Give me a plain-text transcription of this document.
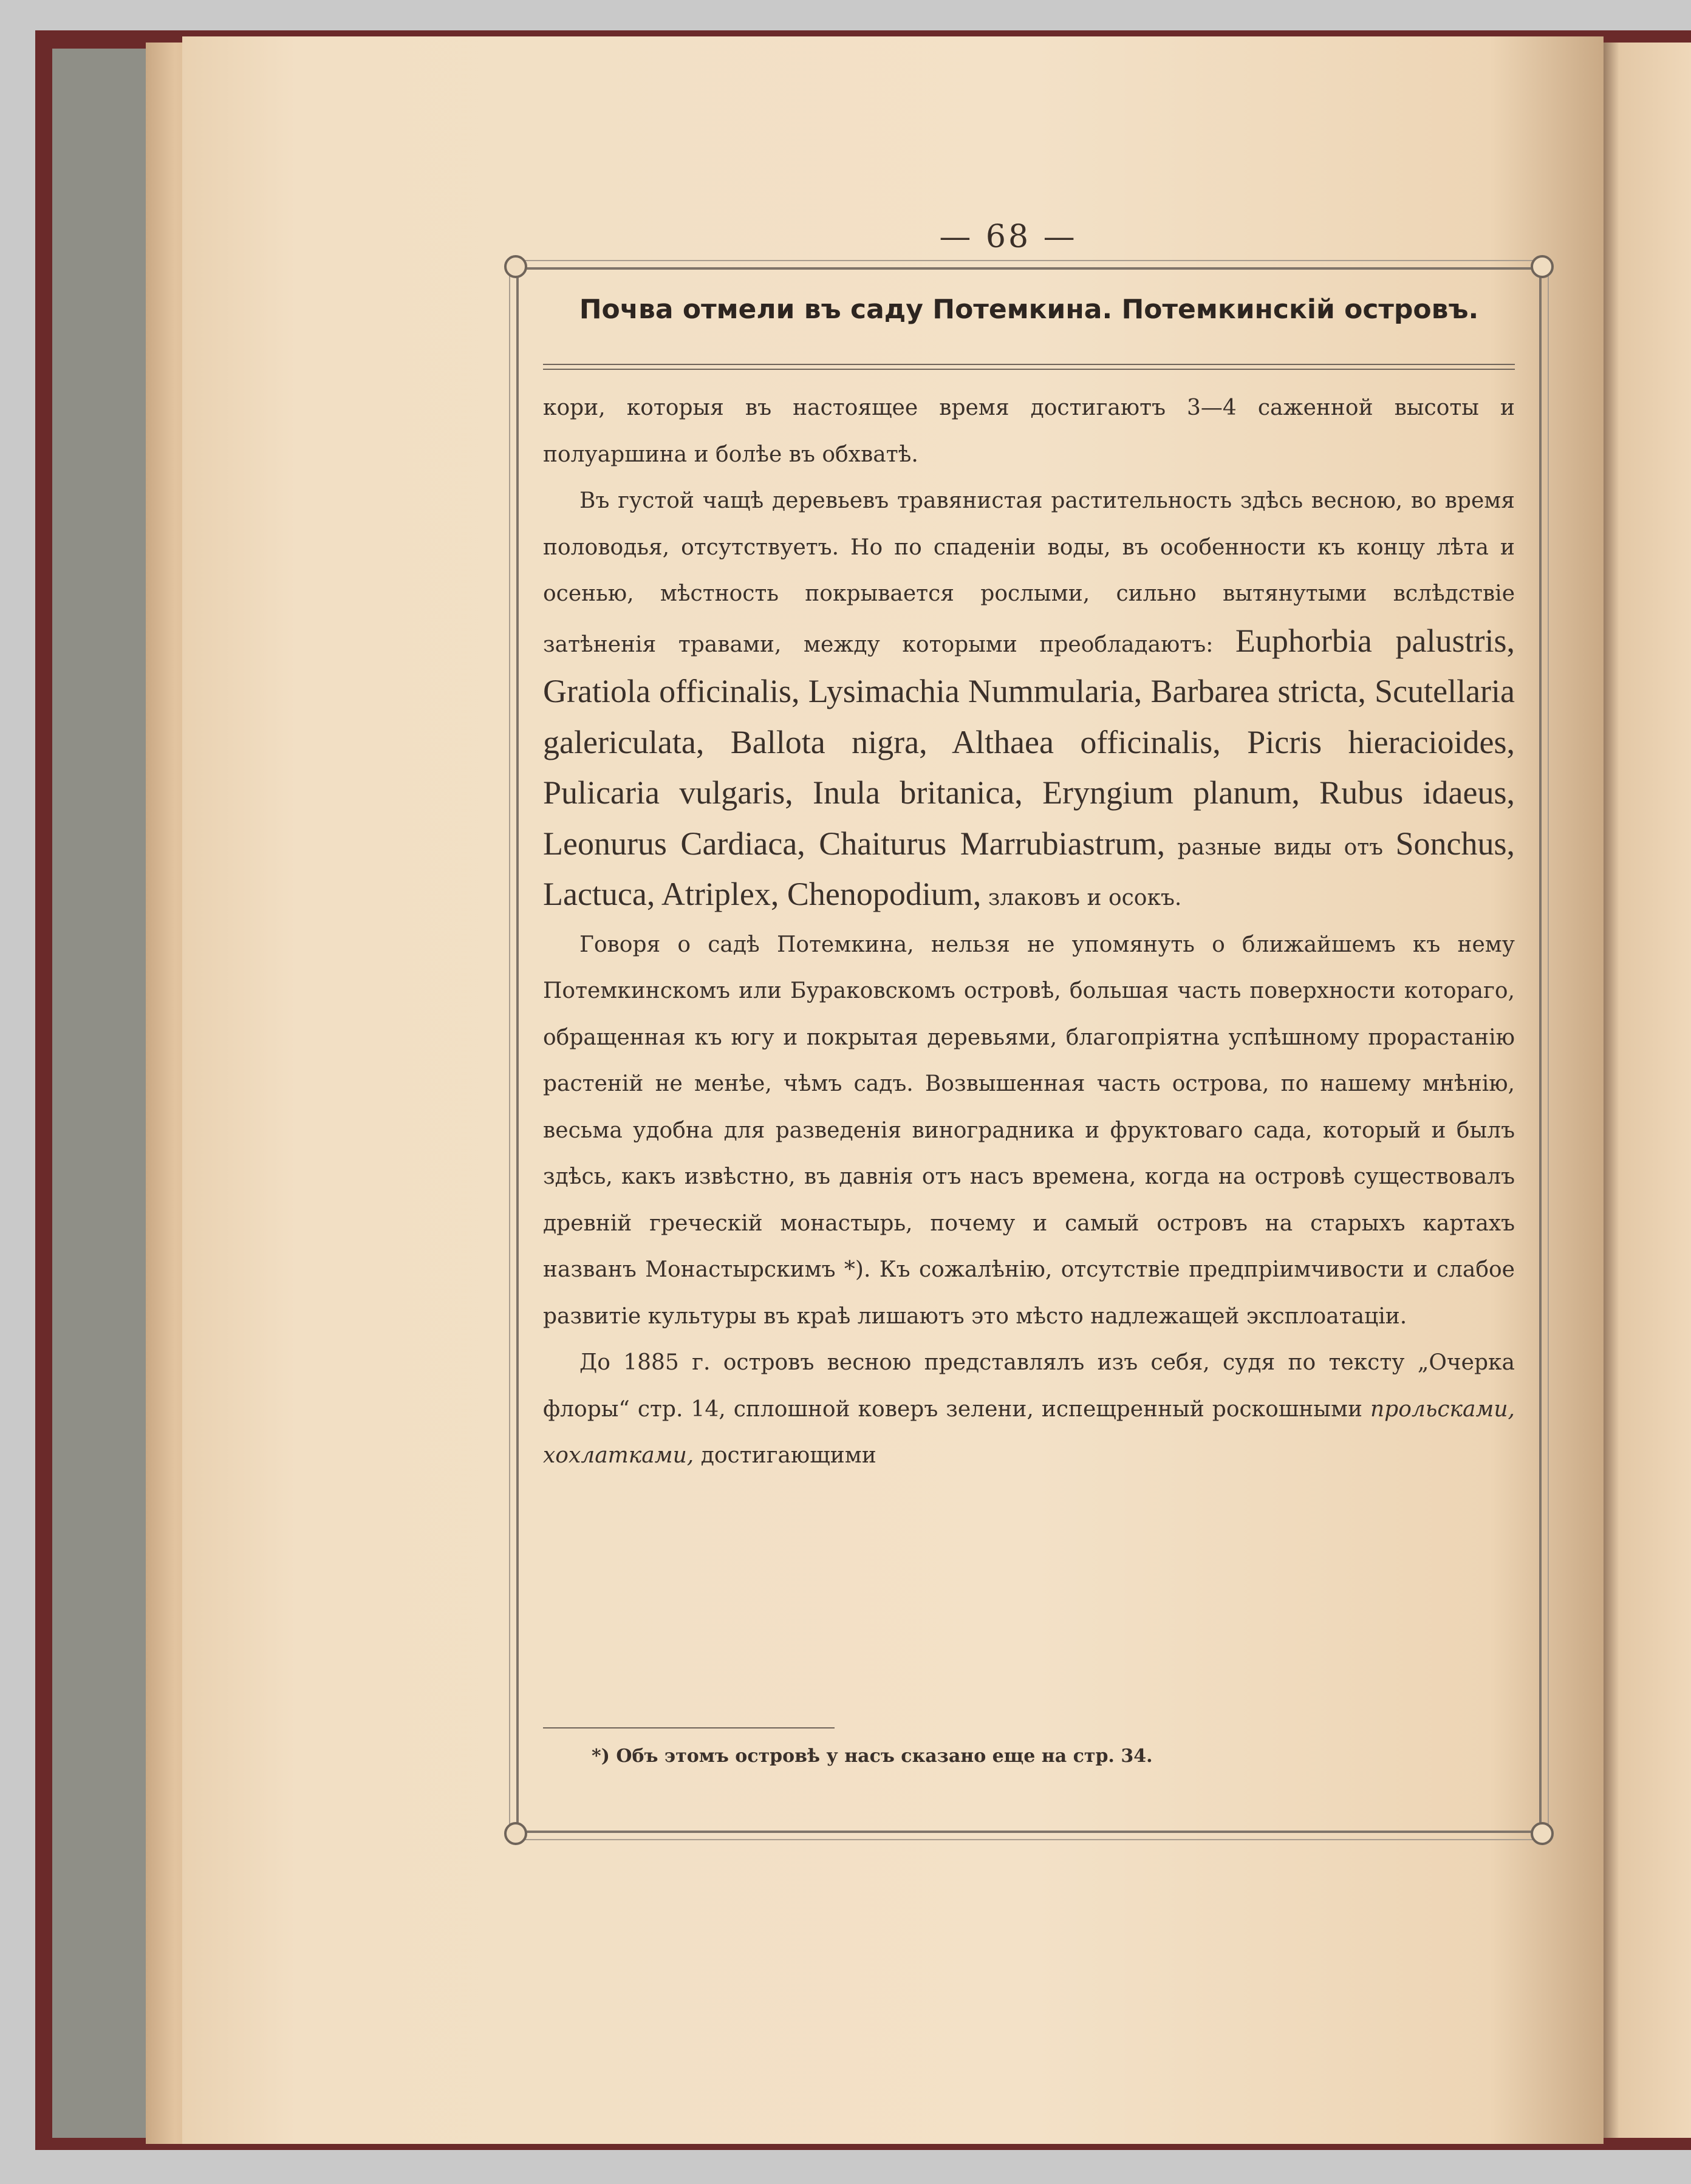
— 68 —
Почва отмели въ саду Потемкина. Потемкинскій островъ.

кори, которыя въ настоящее время достигаютъ 3—4 саженной высоты и полуаршина и болѣе въ обхватѣ.

Въ густой чащѣ деревьевъ травянистая растительность здѣсь весною, во время половодья, отсутствуетъ. Но по спаденіи воды, въ особенности къ концу лѣта и осенью, мѣстность покрывается рослыми, сильно вытянутыми вслѣдствіе затѣненія травами, между которыми преобладаютъ: Euphorbia palustris, Gratiola officinalis, Lysimachia Nummularia, Barbarea stricta, Scutellaria galericulata, Ballota nigra, Althaea officinalis, Picris hieracioides, Pulicaria vulgaris, Inula britanica, Eryngium planum, Rubus idaeus, Leonurus Cardiaca, Chaiturus Marrubiastrum, разные виды отъ Sonchus, Lactuca, Atriplex, Chenopodium, злаковъ и осокъ.

Говоря о садѣ Потемкина, нельзя не упомянуть о ближайшемъ къ нему Потемкинскомъ или Бураковскомъ островѣ, большая часть поверхности котораго, обращенная къ югу и покрытая деревьями, благопріятна успѣшному прорастанію растеній не менѣе, чѣмъ садъ. Возвышенная часть острова, по нашему мнѣнію, весьма удобна для разведенія виноградника и фруктоваго сада, который и былъ здѣсь, какъ извѣстно, въ давнія отъ насъ времена, когда на островѣ существовалъ древній греческій монастырь, почему и самый островъ на старыхъ картахъ названъ Монастырскимъ *). Къ сожалѣнію, отсутствіе предпріимчивости и слабое развитіе культуры въ краѣ лишаютъ это мѣсто надлежащей эксплоатаціи.

До 1885 г. островъ весною представлялъ изъ себя, судя по тексту „Очерка флоры“ стр. 14, сплошной коверъ зелени, испещренный роскошными прольсками, хохлатками, достигающими

*) Объ этомъ островѣ у насъ сказано еще на стр. 34.
